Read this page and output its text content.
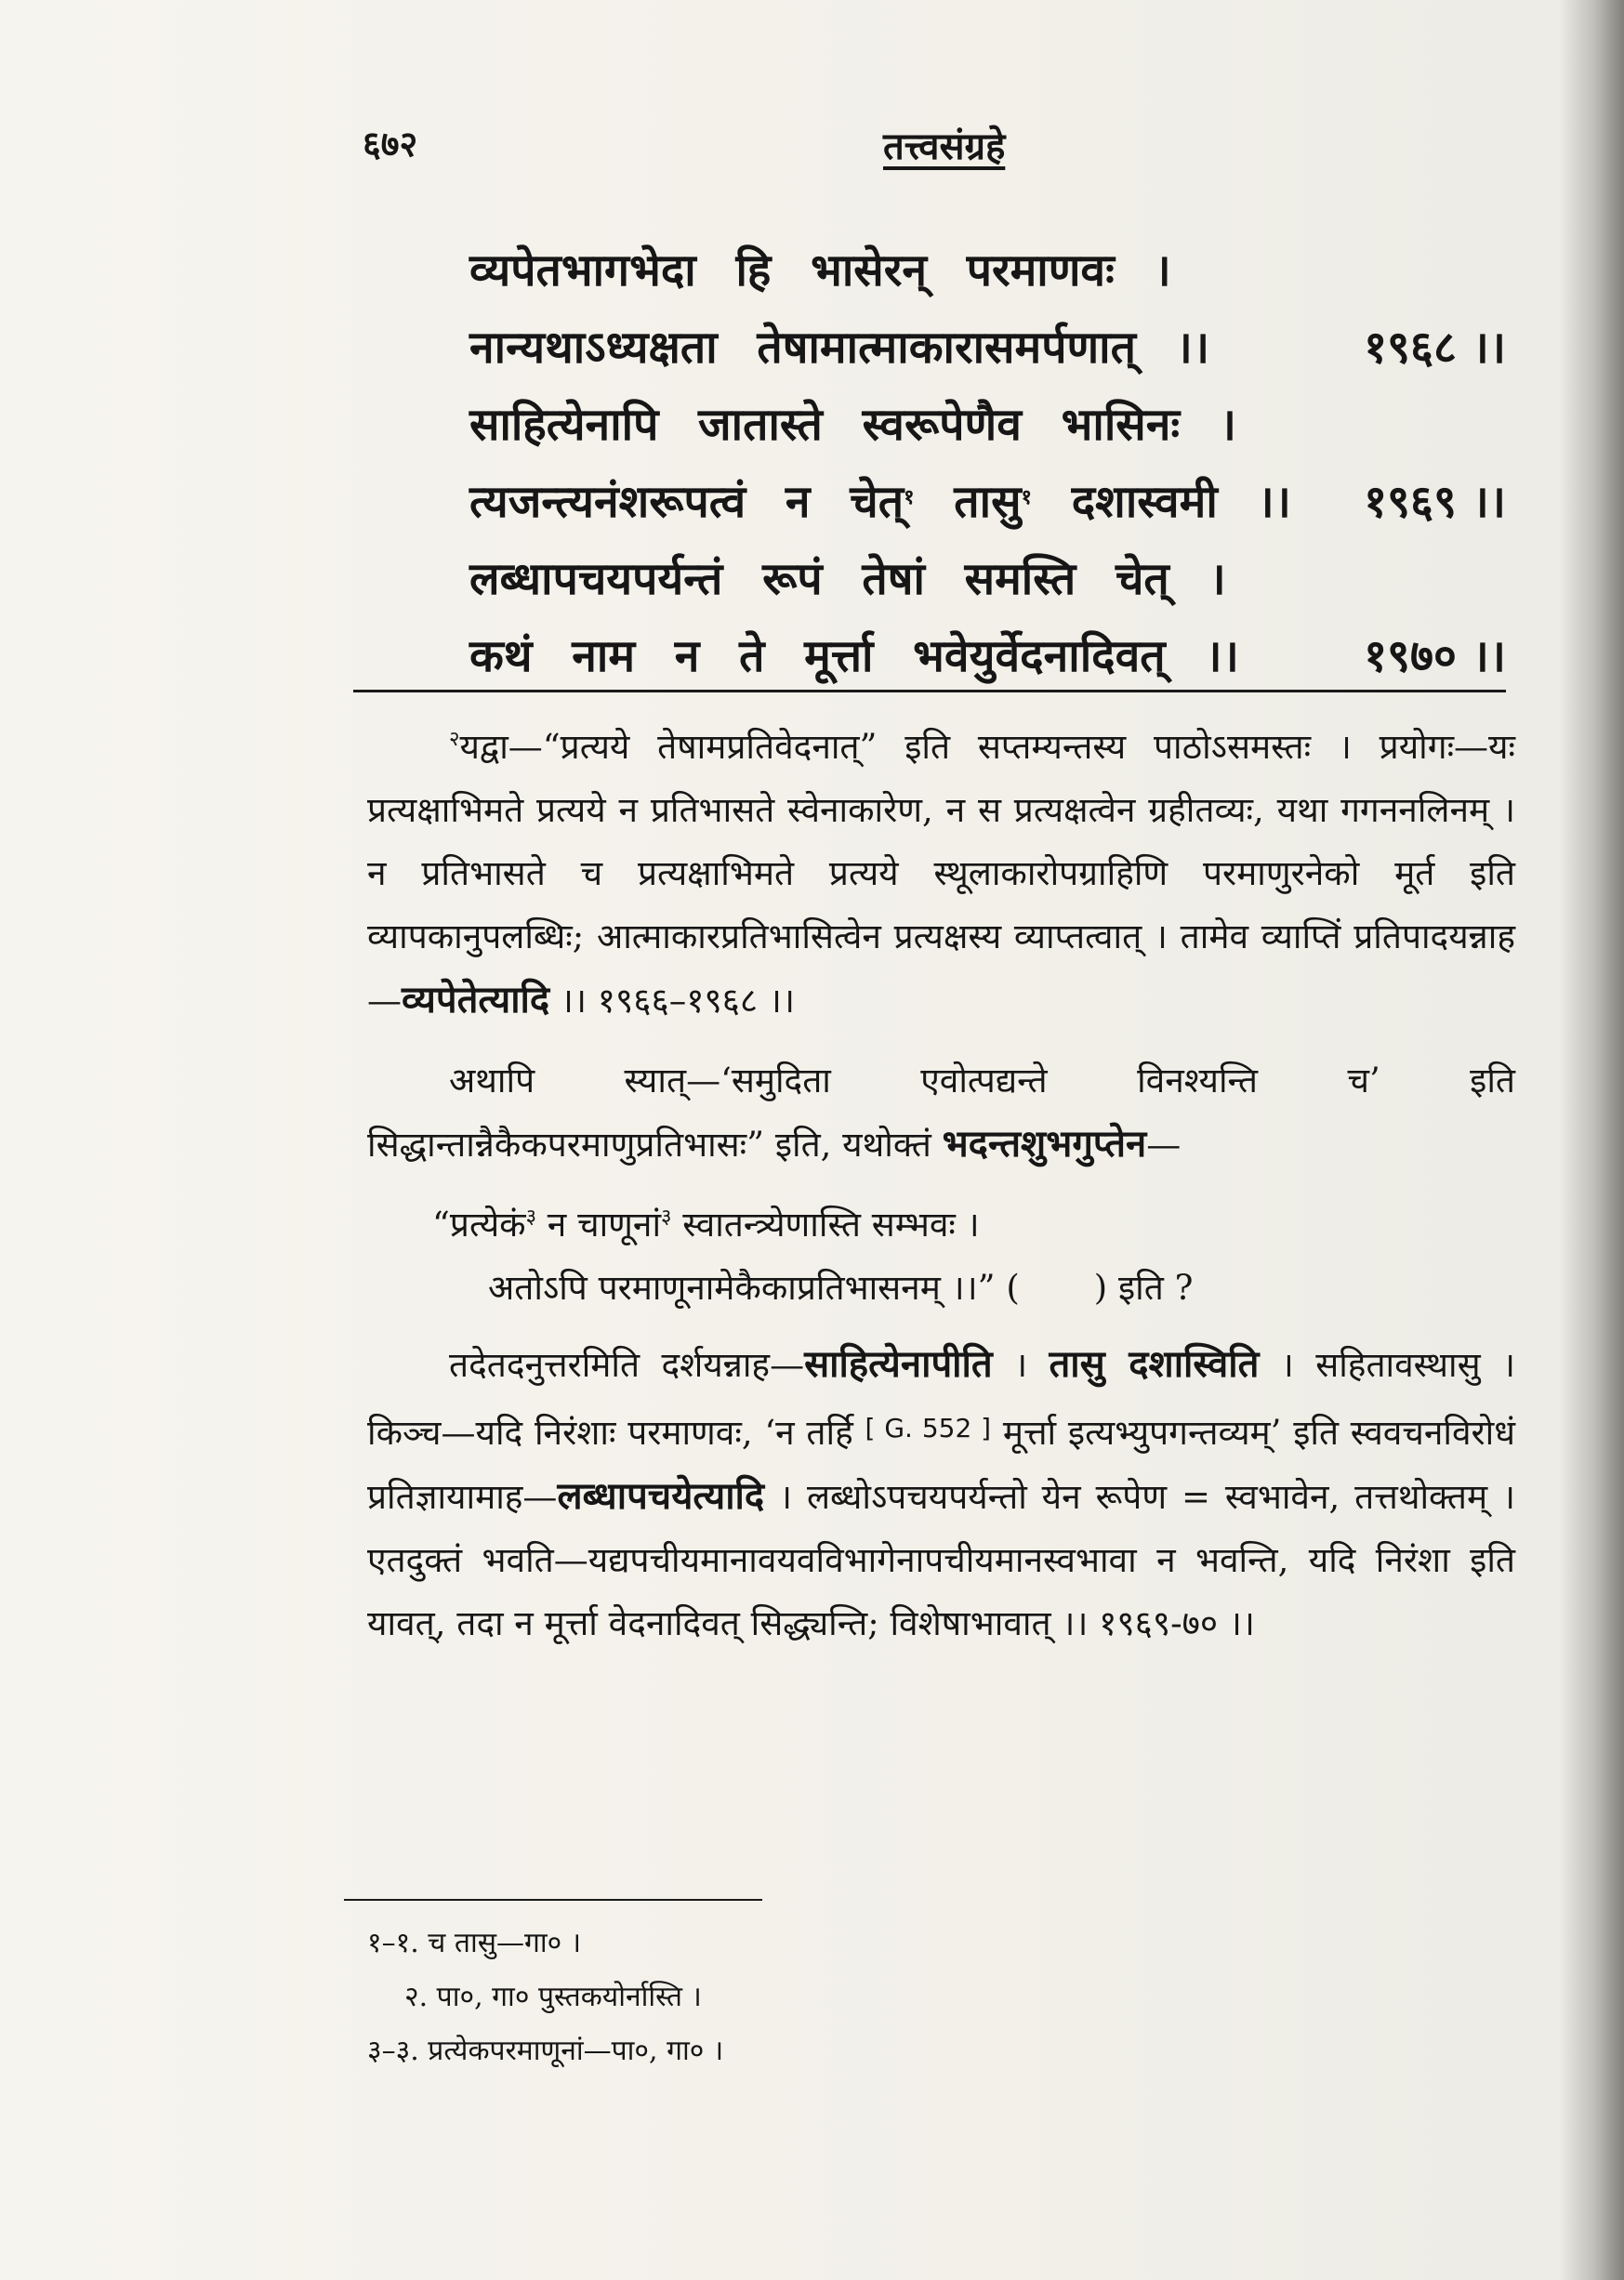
६७२	तत्त्वसंग्रहे
व्यपेतभागभेदा हि भासेरन् परमाणवः ।
नान्यथाऽध्यक्षता तेषामात्माकारासमर्पणात् ।।	१९६८ ।।
साहित्येनापि जातास्ते स्वरूपेणैव भासिनः ।
त्यजन्त्यनंशरूपत्वं न चेत्$^१$ तासु$^१$ दशास्वमी ।। १९६९ ।।
लब्धापचयपर्यन्तं रूपं तेषां समस्ति चेत् ।
कथं नाम न ते मूर्त्ता भवेयुर्वेदनादिवत् ।।	१९७० ।।

$^२$यद्वा—“प्रत्यये तेषामप्रतिवेदनात्” इति सप्तम्यन्तस्य पाठोऽसमस्तः । प्रयोगः—यः प्रत्यक्षाभिमते प्रत्यये न प्रतिभासते स्वेनाकारेण, न स प्रत्यक्षत्वेन ग्रहीतव्यः, यथा गगननलिनम् । न प्रतिभासते च प्रत्यक्षाभिमते प्रत्यये स्थूलाकारोपग्राहिणि परमाणुरनेको मूर्त इति व्यापकानुपलब्धिः; आत्माकारप्रतिभासित्वेन प्रत्यक्षस्य व्याप्तत्वात् । तामेव व्याप्तिं प्रतिपादयन्नाह—व्यपेतेत्यादि ।। १९६६–१९६८ ।।

अथापि स्यात्—‘समुदिता एवोत्पद्यन्ते विनश्यन्ति च’ इति सिद्धान्तान्नैकैकपरमाणुप्रतिभासः” इति, यथोक्तं भदन्तशुभगुप्तेन—

“प्रत्येकं$^३$ न चाणूनां$^३$ स्वातन्त्र्येणास्ति सम्भवः ।
अतोऽपि परमाणूनामेकैकाप्रतिभासनम् ।।” ( ) इति ?

तदेतदनुत्तरमिति दर्शयन्नाह—साहित्येनापीति । तासु दशास्विति । सहितावस्थासु । किञ्च—यदि निरंशाः परमाणवः, ‘न तर्हि [ G. 552 ] मूर्त्ता इत्यभ्युपगन्तव्यम्’ इति स्ववचनविरोधं प्रतिज्ञायामाह—लब्धापचयेत्यादि । लब्धोऽपचयपर्यन्तो येन रूपेण = स्वभावेन, तत्तथोक्तम् । एतदुक्तं भवति—यद्यपचीयमानावयवविभागेनापचीयमानस्वभावा न भवन्ति, यदि निरंशा इति यावत्, तदा न मूर्त्ता वेदनादिवत् सिद्ध्यन्ति; विशेषाभावात् ।। १९६९-७० ।।

१–१. च तासु—गा० ।
२. पा०, गा० पुस्तकयोर्नास्ति ।
३–३. प्रत्येकपरमाणूनां—पा०, गा० ।
